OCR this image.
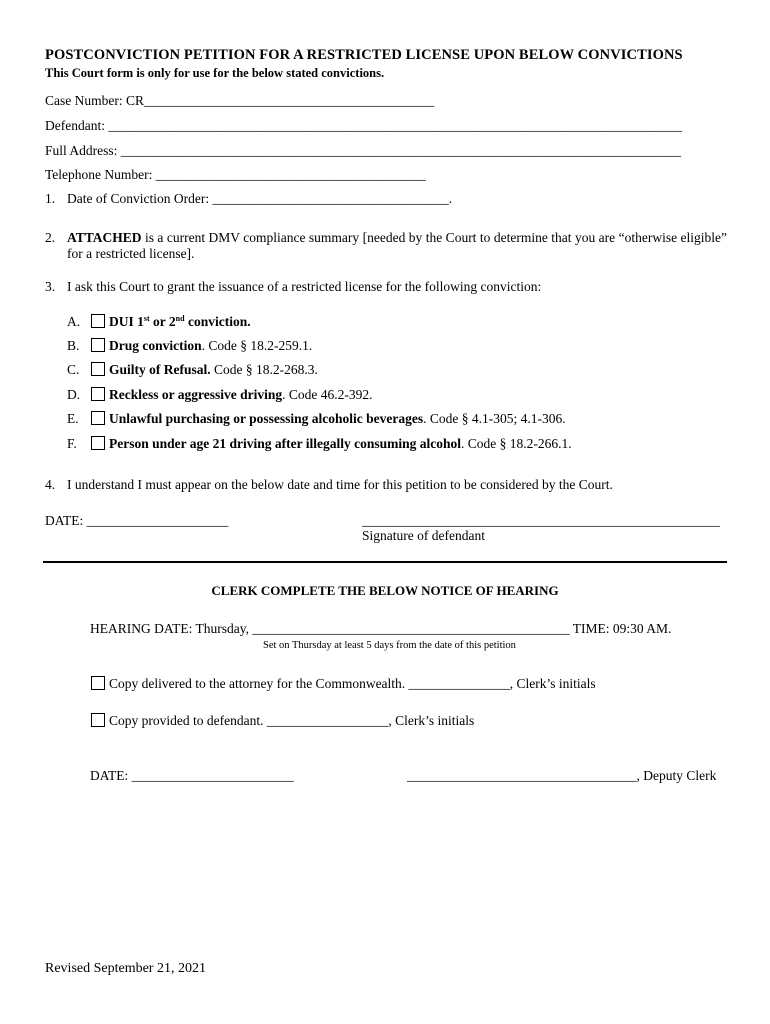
POSTCONVICTION PETITION FOR A RESTRICTED LICENSE UPON BELOW CONVICTIONS
This Court form is only for use for the below stated convictions.
Case Number: CR___________________________________________
Defendant: _____________________________________________________________________________________
Full Address: ___________________________________________________________________________________
Telephone Number: ________________________________________
1. Date of Conviction Order: ___________________________________.
2. ATTACHED is a current DMV compliance summary [needed by the Court to determine that you are “otherwise eligible” for a restricted license].
3. I ask this Court to grant the issuance of a restricted license for the following conviction:
A. DUI 1st or 2nd conviction.
B. Drug conviction. Code § 18.2-259.1.
C. Guilty of Refusal. Code § 18.2-268.3.
D. Reckless or aggressive driving. Code 46.2-392.
E. Unlawful purchasing or possessing alcoholic beverages. Code § 4.1-305; 4.1-306.
F. Person under age 21 driving after illegally consuming alcohol. Code § 18.2-266.1.
4. I understand I must appear on the below date and time for this petition to be considered by the Court.
DATE: _____________________	_____________________________________________________
Signature of defendant
CLERK COMPLETE THE BELOW NOTICE OF HEARING
HEARING DATE: Thursday, _______________________________________________ TIME: 09:30 AM.
Set on Thursday at least 5 days from the date of this petition
Copy delivered to the attorney for the Commonwealth. _______________, Clerk’s initials
Copy provided to defendant. __________________, Clerk’s initials
DATE: ________________________	__________________________________, Deputy Clerk
Revised September 21, 2021
